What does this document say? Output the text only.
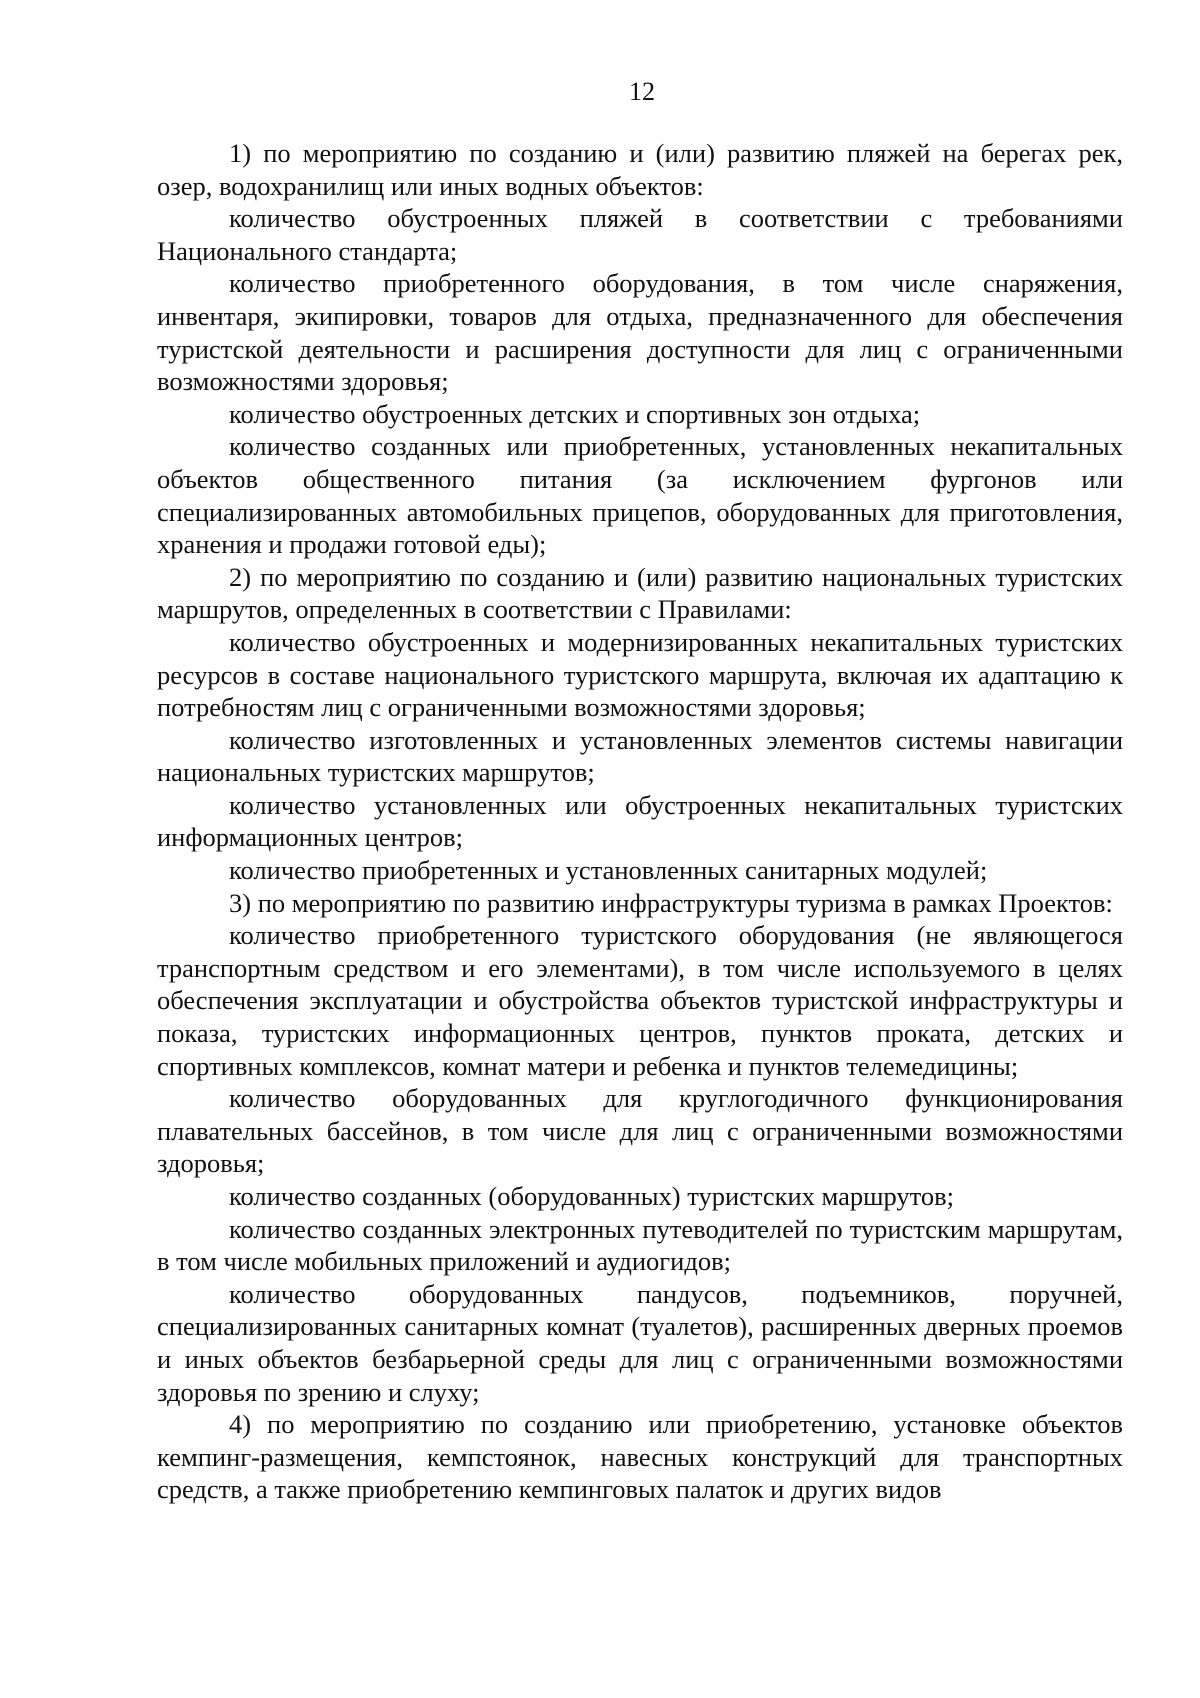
12

1) по мероприятию по созданию и (или) развитию пляжей на берегах рек, озер, водохранилищ или иных водных объектов:

количество обустроенных пляжей в соответствии с требованиями Национального стандарта;

количество приобретенного оборудования, в том числе снаряжения, инвентаря, экипировки, товаров для отдыха, предназначенного для обеспечения туристской деятельности и расширения доступности для лиц с ограниченными возможностями здоровья;

количество обустроенных детских и спортивных зон отдыха;

количество созданных или приобретенных, установленных некапитальных объектов общественного питания (за исключением фургонов или специализированных автомобильных прицепов, оборудованных для приготовления, хранения и продажи готовой еды);

2) по мероприятию по созданию и (или) развитию национальных туристских маршрутов, определенных в соответствии с Правилами:

количество обустроенных и модернизированных некапитальных туристских ресурсов в составе национального туристского маршрута, включая их адаптацию к потребностям лиц с ограниченными возможностями здоровья;

количество изготовленных и установленных элементов системы навигации национальных туристских маршрутов;

количество установленных или обустроенных некапитальных туристских информационных центров;

количество приобретенных и установленных санитарных модулей;

3) по мероприятию по развитию инфраструктуры туризма в рамках Проектов:

количество приобретенного туристского оборудования (не являющегося транспортным средством и его элементами), в том числе используемого в целях обеспечения эксплуатации и обустройства объектов туристской инфраструктуры и показа, туристских информационных центров, пунктов проката, детских и спортивных комплексов, комнат матери и ребенка и пунктов телемедицины;

количество оборудованных для круглогодичного функционирования плавательных бассейнов, в том числе для лиц с ограниченными возможностями здоровья;

количество созданных (оборудованных) туристских маршрутов;

количество созданных электронных путеводителей по туристским маршрутам, в том числе мобильных приложений и аудиогидов;

количество оборудованных пандусов, подъемников, поручней, специализированных санитарных комнат (туалетов), расширенных дверных проемов и иных объектов безбарьерной среды для лиц с ограниченными возможностями здоровья по зрению и слуху;

4) по мероприятию по созданию или приобретению, установке объектов кемпинг-размещения, кемпстоянок, навесных конструкций для транспортных средств, а также приобретению кемпинговых палаток и других видов
